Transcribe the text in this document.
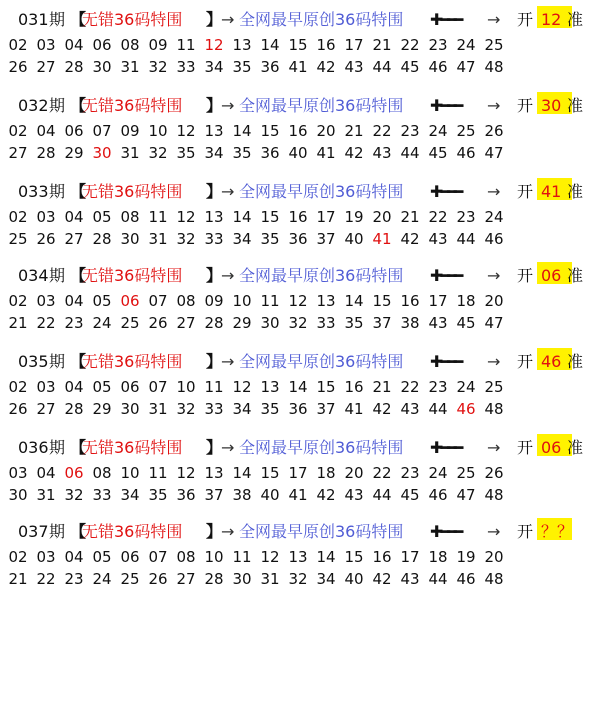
031 【
无错36码特围 】
→ 全网最早原创36码特围 ✚━━━ → 开
期	12 准
02 03 04 06 08 09 11 12 13 14 15 16 17 21 22 23 24 25
26 27 28 30 31 32 33 34 35 36 41 42 43 44 45 46 47 48
032 【
无错36码特围 】
→ 全网最早原创36码特围 ✚━━━ → 开
期	30 准
02 04 06 07 09 10 12 13 14 15 16 20 21 22 23 24 25 26
27 28 29 30 31 32 35 34 35 36 40 41 42 43 44 45 46 47
033 【
无错36码特围 】
→ 全网最早原创36码特围 ✚━━━ → 开
期	41 准
02 03 04 05 08 11 12 13 14 15 16 17 19 20 21 22 23 24
25 26 27 28 30 31 32 33 34 35 36 37 40 41 42 43 44 46
034 【
无错36码特围 】
→ 全网最早原创36码特围 ✚━━━ → 开
期	06 准
02 03 04 05 06 07 08 09 10 11 12 13 14 15 16 17 18 20
21 22 23 24 25 26 27 28 29 30 32 33 35 37 38 43 45 47
035 【
无错36码特围 】
→ 全网最早原创36码特围 ✚━━━ → 开
期	46 准
02 03 04 05 06 07 10 11 12 13 14 15 16 21 22 23 24 25
26 27 28 29 30 31 32 33 34 35 36 37 41 42 43 44 46 48
036 【
无错36码特围 】
→ 全网最早原创36码特围 ✚━━━ → 开
期	06 准
03 04 06 08 10 11 12 13 14 15 17 18 20 22 23 24 25 26
30 31 32 33 34 35 36 37 38 40 41 42 43 44 45 46 47 48
037 【
无错36码特围 】
→ 全网最早原创36码特围 ✚━━━ → 开
期	？？
02 03 04 05 06 07 08 10 11 12 13 14 15 16 17 18 19 20
21 22 23 24 25 26 27 28 30 31 32 34 40 42 43 44 46 48
